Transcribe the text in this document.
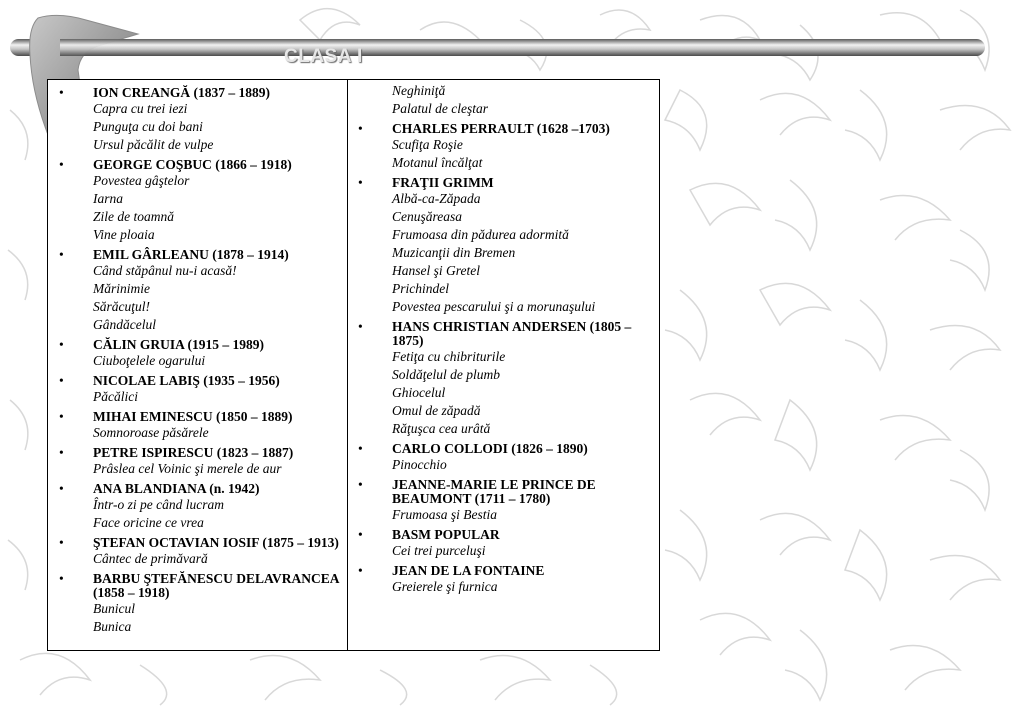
CLASA I
• ION CREANGĂ (1837 – 1889)
Capra cu trei iezi
Punguţa cu doi bani
Ursul păcălit de vulpe
• GEORGE COŞBUC (1866 – 1918)
Povestea gâştelor
Iarna
Zile de toamnă
Vine ploaia
• EMIL GÂRLEANU (1878 – 1914)
Când stăpânul nu-i acasă!
Mărinimie
Sărăcuţul!
Gândăcelul
• CĂLIN GRUIA (1915 – 1989)
Ciuboţelele ogarului
• NICOLAE LABIŞ (1935 – 1956)
Păcălici
• MIHAI EMINESCU (1850 – 1889)
Somnoroase păsărele
• PETRE ISPIRESCU (1823 – 1887)
Prâslea cel Voinic şi merele de aur
• ANA BLANDIANA (n. 1942)
Într-o zi pe când lucram
Face oricine ce vrea
• ŞTEFAN OCTAVIAN IOSIF (1875 – 1913)
Cântec de primăvară
• BARBU ŞTEFĂNESCU DELAVRANCEA (1858 – 1918)
Bunicul
Bunica
Neghiniţă
Palatul de cleştar
• CHARLES PERRAULT (1628 –1703)
Scufiţa Roşie
Motanul încălţat
• FRAŢII GRIMM
Albă-ca-Zăpada
Cenuşăreasa
Frumoasa din pădurea adormită
Muzicanţii din Bremen
Hansel şi Gretel
Prichindel
Povestea pescarului şi a morunaşului
• HANS CHRISTIAN ANDERSEN (1805 – 1875)
Fetiţa cu chibriturile
Soldăţelul de plumb
Ghiocelul
Omul de zăpadă
Răţuşca cea urâtă
• CARLO COLLODI (1826 – 1890)
Pinocchio
• JEANNE-MARIE LE PRINCE DE BEAUMONT (1711 – 1780)
Frumoasa şi Bestia
• BASM POPULAR
Cei trei purceluşi
• JEAN DE LA FONTAINE
Greierele şi furnica
